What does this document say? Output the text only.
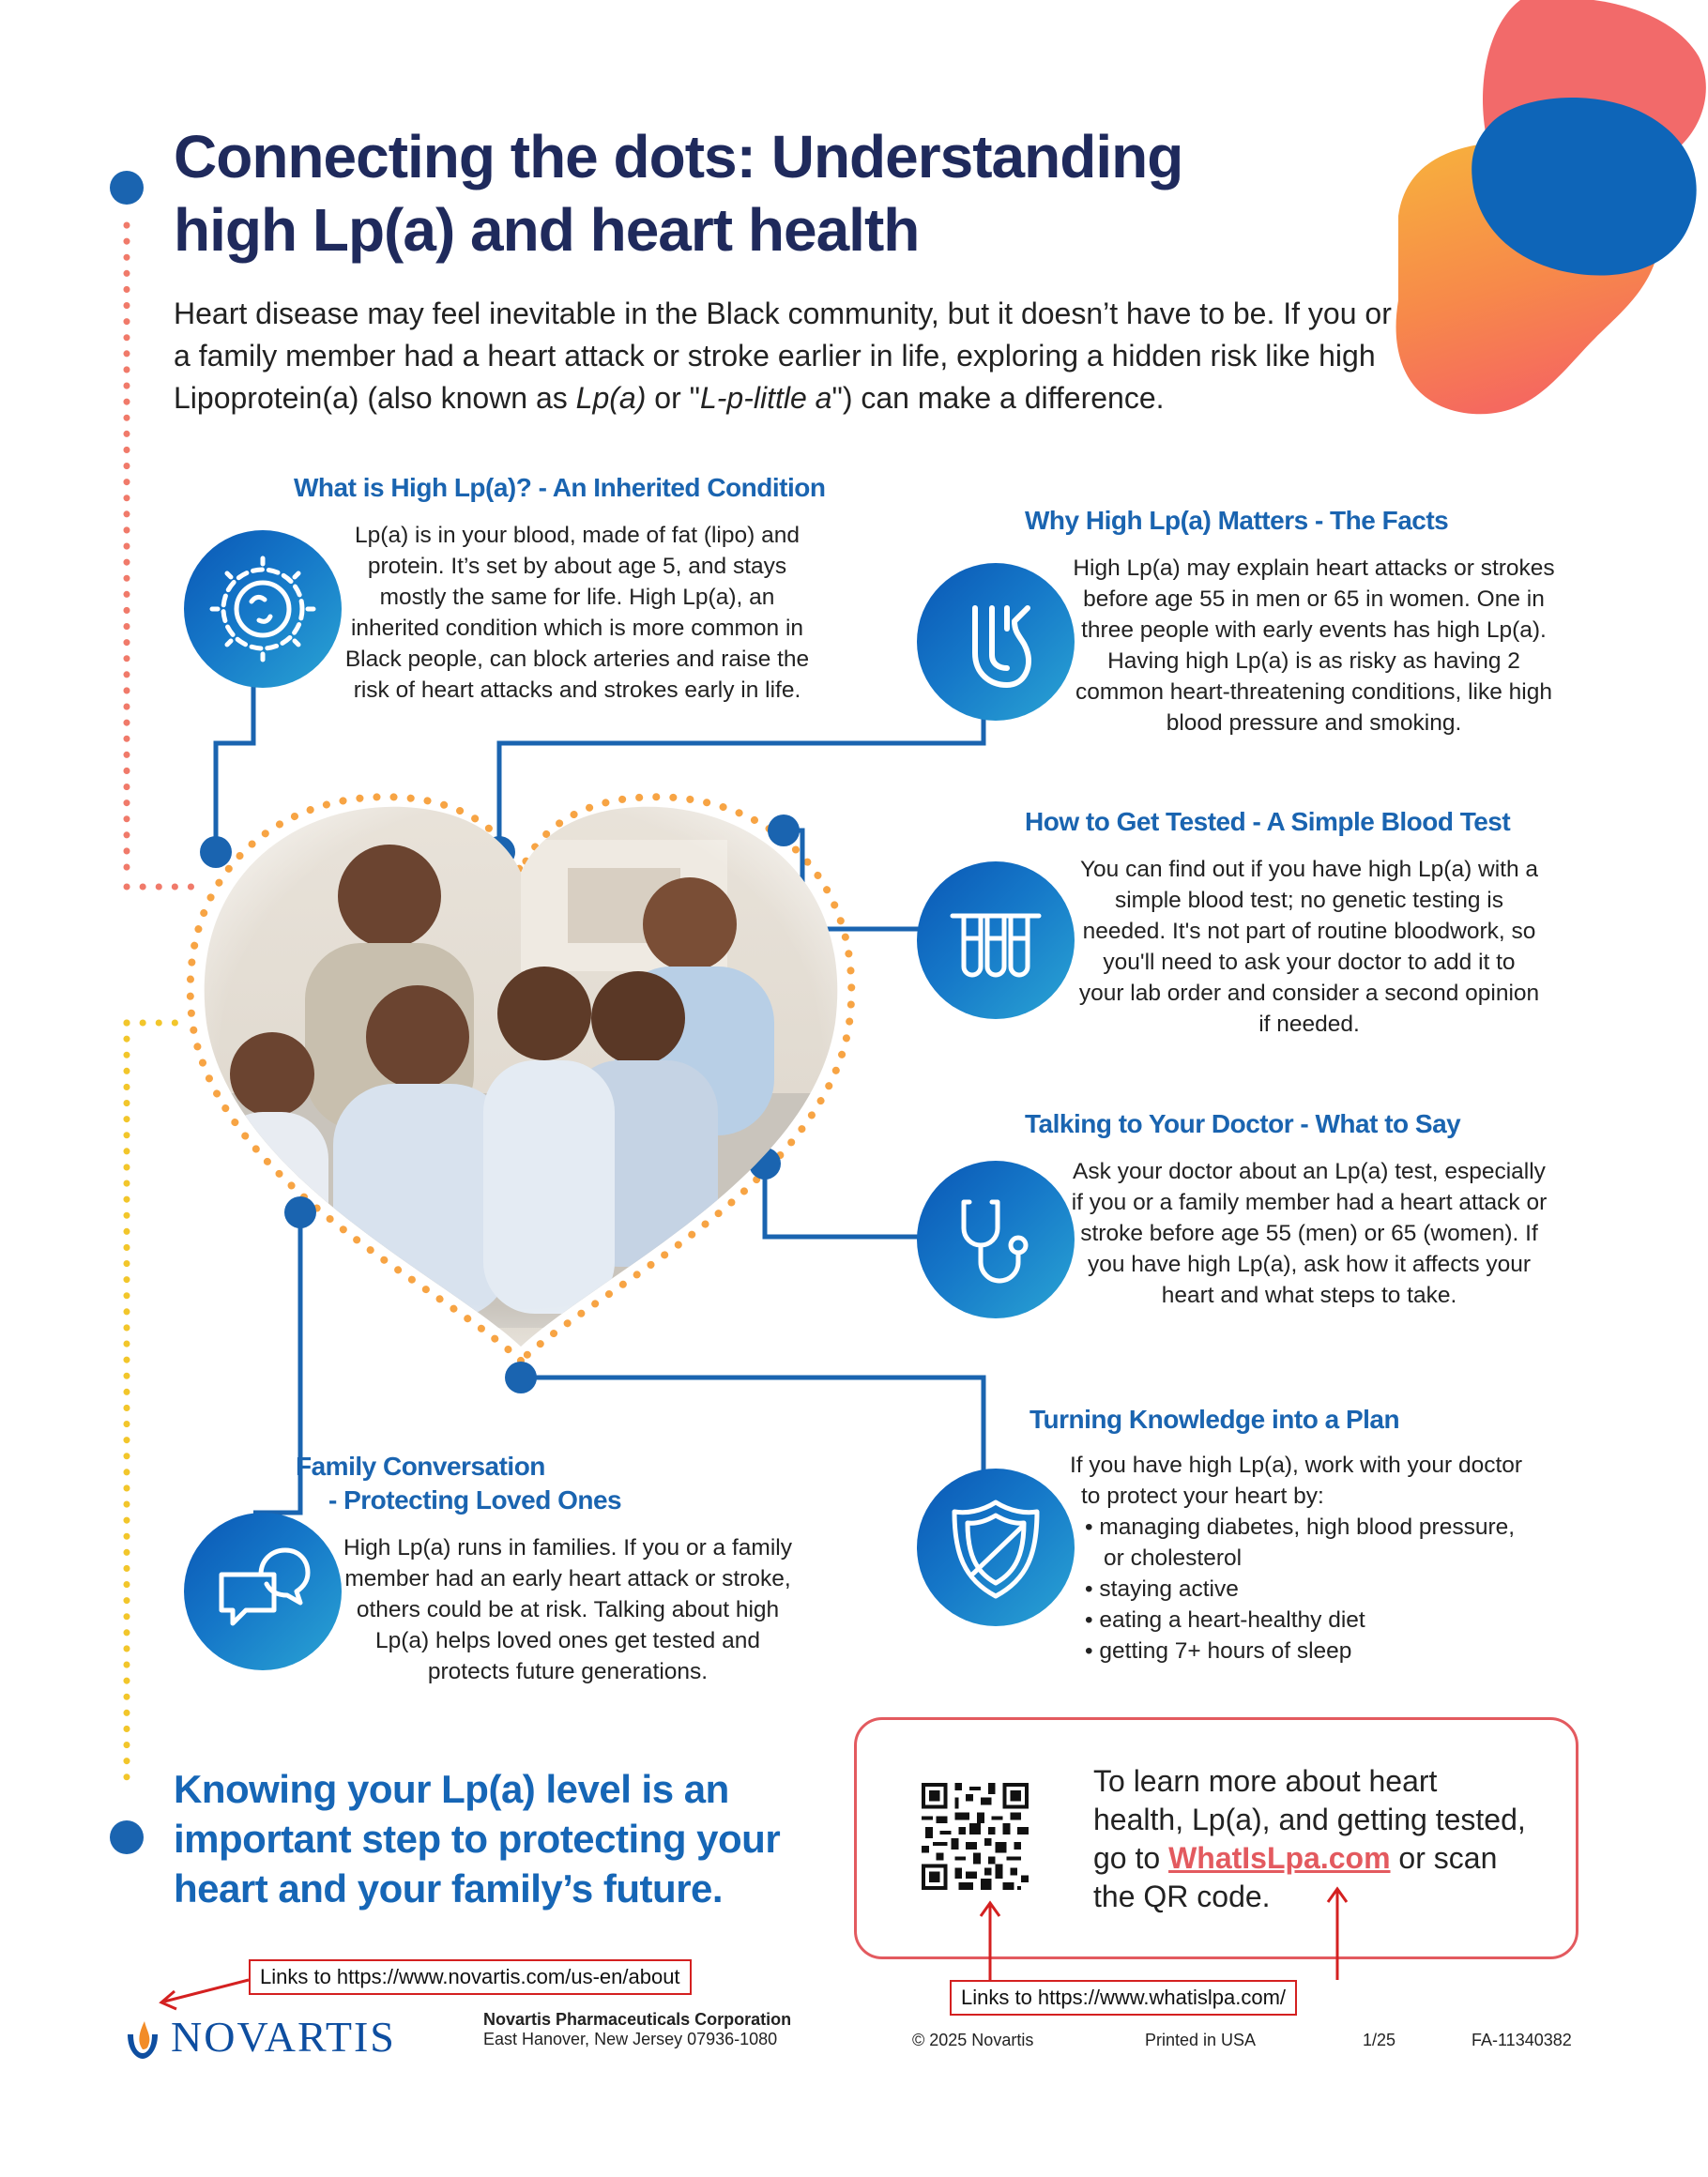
Connecting the dots: Understanding
high Lp(a) and heart health
Heart disease may feel inevitable in the Black community, but it doesn’t have to be. If you or a family member had a heart attack or stroke earlier in life, exploring a hidden risk like high Lipoprotein(a) (also known as Lp(a) or "L-p-little a") can make a difference.
What is High Lp(a)? - An Inherited Condition
Lp(a) is in your blood, made of fat (lipo) and
protein. It’s set by about age 5, and stays
mostly the same for life. High Lp(a), an
inherited condition which is more common in
Black people, can block arteries and raise the
risk of heart attacks and strokes early in life.
Why High Lp(a) Matters - The Facts
High Lp(a) may explain heart attacks or strokes
before age 55 in men or 65 in women. One in
three people with early events has high Lp(a).
Having high Lp(a) is as risky as having 2
common heart-threatening conditions, like high
blood pressure and smoking.
How to Get Tested - A Simple Blood Test
You can find out if you have high Lp(a) with a
simple blood test; no genetic testing is
needed. It's not part of routine bloodwork, so
you'll need to ask your doctor to add it to
your lab order and consider a second opinion
if needed.
Talking to Your Doctor - What to Say
Ask your doctor about an Lp(a) test, especially
if you or a family member had a heart attack or
stroke before age 55 (men) or 65 (women). If
you have high Lp(a), ask how it affects your
heart and what steps to take.
Turning Knowledge into a Plan
If you have high Lp(a), work with your doctor
to protect your heart by:
• managing diabetes, high blood pressure,
or cholesterol
• staying active
• eating a heart-healthy diet
• getting 7+ hours of sleep
Family Conversation
- Protecting Loved Ones
High Lp(a) runs in families. If you or a family
member had an early heart attack or stroke,
others could be at risk. Talking about high
Lp(a) helps loved ones get tested and
protects future generations.
Knowing your Lp(a) level is an
important step to protecting your
heart and your family’s future.
To learn more about heart
health, Lp(a), and getting tested,
go to WhatIsLpa.com or scan
the QR code.
Links to https://www.novartis.com/us-en/about
Links to https://www.whatislpa.com/
NOVARTIS	Novartis Pharmaceuticals Corporation
East Hanover, New Jersey 07936-1080	© 2025 Novartis	Printed in USA	1/25	FA-11340382
